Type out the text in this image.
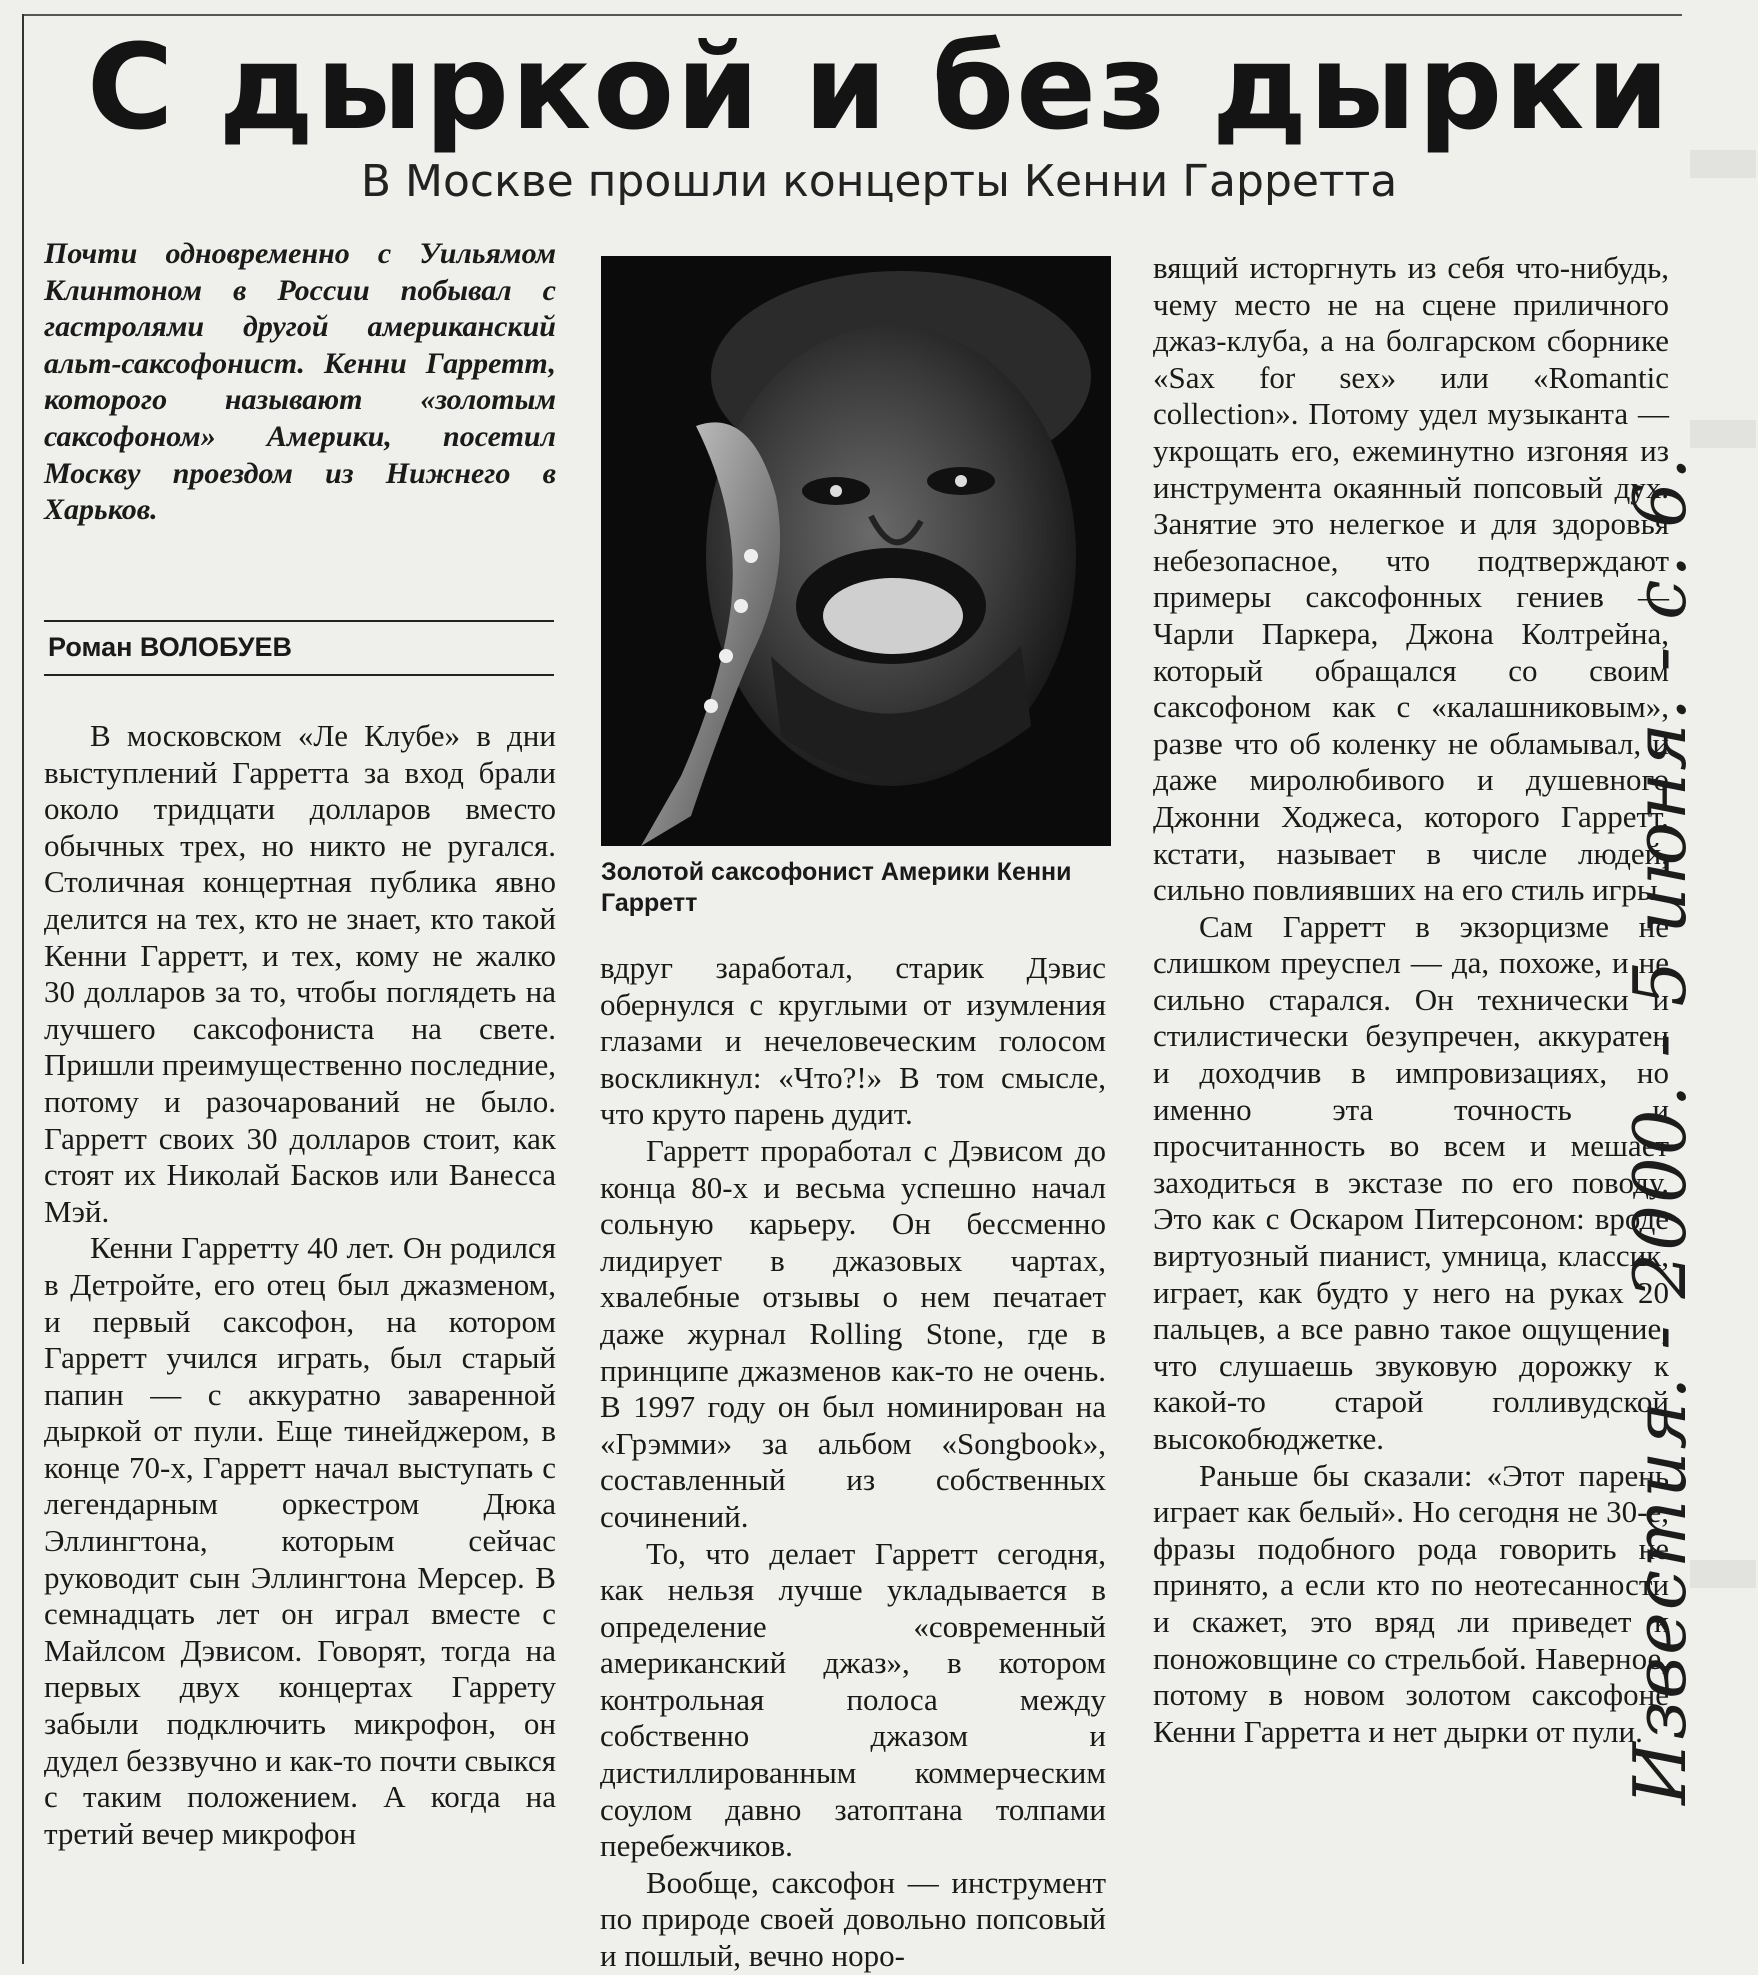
С дыркой и без дырки
В Москве прошли концерты Кенни Гарретта

Почти одновременно с Уильямом Клинтоном в России побывал с гастролями другой американский альт-саксофонист. Кенни Гарретт, которого называют «золотым саксофоном» Америки, посетил Москву проездом из Нижнего в Харьков.

Роман ВОЛОБУЕВ
Золотой саксофонист Америки Кенни Гарретт

В московском «Ле Клубе» в дни выступлений Гарретта за вход брали около тридцати долларов вместо обычных трех, но никто не ругался. Столичная концертная публика явно делится на тех, кто не знает, кто такой Кенни Гарретт, и тех, кому не жалко 30 долларов за то, чтобы поглядеть на лучшего саксофониста на свете. Пришли преимущественно последние, потому и разочарований не было. Гарретт своих 30 долларов стоит, как стоят их Николай Басков или Ванесса Мэй.

Кенни Гарретту 40 лет. Он родился в Детройте, его отец был джазменом, и первый саксофон, на котором Гарретт учился играть, был старый папин — с аккуратно заваренной дыркой от пули. Еще тинейджером, в конце 70-х, Гарретт начал выступать с легендарным оркестром Дюка Эллингтона, которым сейчас руководит сын Эллингтона Мерсер. В семнадцать лет он играл вместе с Майлсом Дэвисом. Говорят, тогда на первых двух концертах Гаррету забыли подключить микрофон, он дудел беззвучно и как-то почти свыкся с таким положением. А когда на третий вечер микрофон

вдруг заработал, старик Дэвис обернулся с круглыми от изумления глазами и нечеловеческим голосом воскликнул: «Что?!» В том смысле, что круто парень дудит.

Гарретт проработал с Дэвисом до конца 80-х и весьма успешно начал сольную карьеру. Он бессменно лидирует в джазовых чартах, хвалебные отзывы о нем печатает даже журнал Rolling Stone, где в принципе джазменов как-то не очень. В 1997 году он был номинирован на «Грэмми» за альбом «Songbook», составленный из собственных сочинений.

То, что делает Гарретт сегодня, как нельзя лучше укладывается в определение «современный американский джаз», в котором контрольная полоса между собственно джазом и дистиллированным коммерческим соулом давно затоптана толпами перебежчиков.

Вообще, саксофон — инструмент по природе своей довольно попсовый и пошлый, вечно норо-

вящий исторгнуть из себя что-нибудь, чему место не на сцене приличного джаз-клуба, а на болгарском сборнике «Sax for sex» или «Romantic collection». Потому удел музыканта — укрощать его, ежеминутно изгоняя из инструмента окаянный попсовый дух. Занятие это нелегкое и для здоровья небезопасное, что подтверждают примеры саксофонных гениев — Чарли Паркера, Джона Колтрейна, который обращался со своим саксофоном как с «калашниковым», разве что об коленку не обламывал, и даже миролюбивого и душевного Джонни Ходжеса, которого Гарретт, кстати, называет в числе людей, сильно повлиявших на его стиль игры.

Сам Гарретт в экзорцизме не слишком преуспел — да, похоже, и не сильно старался. Он технически и стилистически безупречен, аккуратен и доходчив в импровизациях, но именно эта точность и просчитанность во всем и мешает заходиться в экстазе по его поводу. Это как с Оскаром Питерсоном: вроде виртуозный пианист, умница, классик, играет, как будто у него на руках 20 пальцев, а все равно такое ощущение, что слушаешь звуковую дорожку к какой-то старой голливудской высокобюджетке.

Раньше бы сказали: «Этот парень играет как белый». Но сегодня не 30-е, фразы подобного рода говорить не принято, а если кто по неотесанности и скажет, это вряд ли приведет к поножовщине со стрельбой. Наверное, потому в новом золотом саксофоне Кенни Гарретта и нет дырки от пули.

Известия. - 2000. - 5 июня. - с. 6.
